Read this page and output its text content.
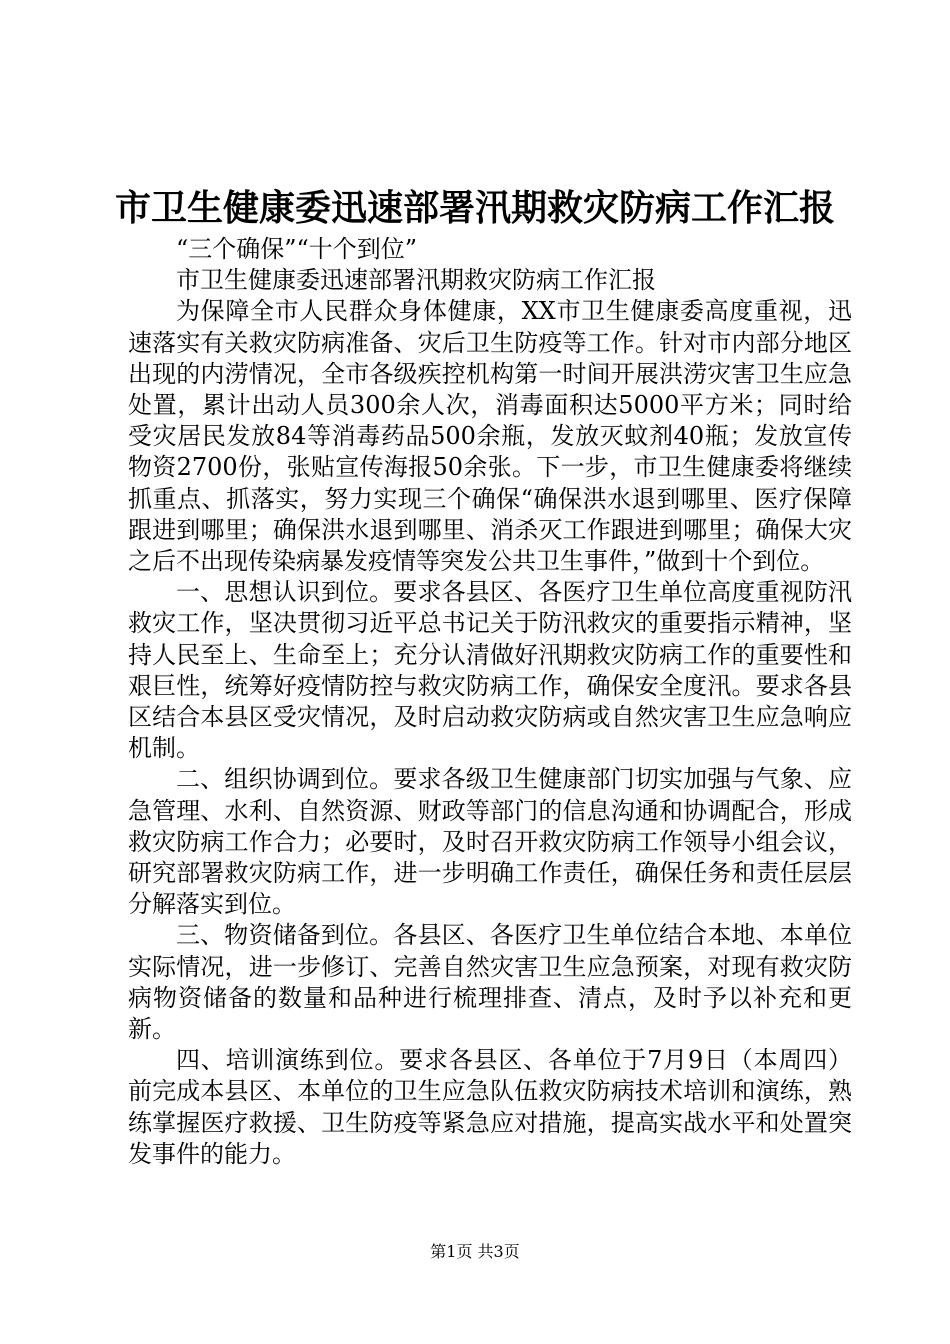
市卫生健康委迅速部署汛期救灾防病工作汇报

“三个确保”“十个到位”

市卫生健康委迅速部署汛期救灾防病工作汇报

为保障全市人民群众身体健康，XX市卫生健康委高度重视，迅速落实有关救灾防病准备、灾后卫生防疫等工作。针对市内部分地区出现的内涝情况，全市各级疾控机构第一时间开展洪涝灾害卫生应急处置，累计出动人员300余人次，消毒面积达5000平方米；同时给受灾居民发放84等消毒药品500余瓶，发放灭蚊剂40瓶；发放宣传物资2700份，张贴宣传海报50余张。下一步，市卫生健康委将继续抓重点、抓落实，努力实现三个确保“确保洪水退到哪里、医疗保障跟进到哪里；确保洪水退到哪里、消杀灭工作跟进到哪里；确保大灾之后不出现传染病暴发疫情等突发公共卫生事件，”做到十个到位。

一、思想认识到位。要求各县区、各医疗卫生单位高度重视防汛救灾工作，坚决贯彻习近平总书记关于防汛救灾的重要指示精神，坚持人民至上、生命至上；充分认清做好汛期救灾防病工作的重要性和艰巨性，统筹好疫情防控与救灾防病工作，确保安全度汛。要求各县区结合本县区受灾情况，及时启动救灾防病或自然灾害卫生应急响应机制。

二、组织协调到位。要求各级卫生健康部门切实加强与气象、应急管理、水利、自然资源、财政等部门的信息沟通和协调配合，形成救灾防病工作合力；必要时，及时召开救灾防病工作领导小组会议，研究部署救灾防病工作，进一步明确工作责任，确保任务和责任层层分解落实到位。

三、物资储备到位。各县区、各医疗卫生单位结合本地、本单位实际情况，进一步修订、完善自然灾害卫生应急预案，对现有救灾防病物资储备的数量和品种进行梳理排查、清点，及时予以补充和更新。

四、培训演练到位。要求各县区、各单位于7月9日（本周四）前完成本县区、本单位的卫生应急队伍救灾防病技术培训和演练，熟练掌握医疗救援、卫生防疫等紧急应对措施，提高实战水平和处置突发事件的能力。

第1页 共3页
